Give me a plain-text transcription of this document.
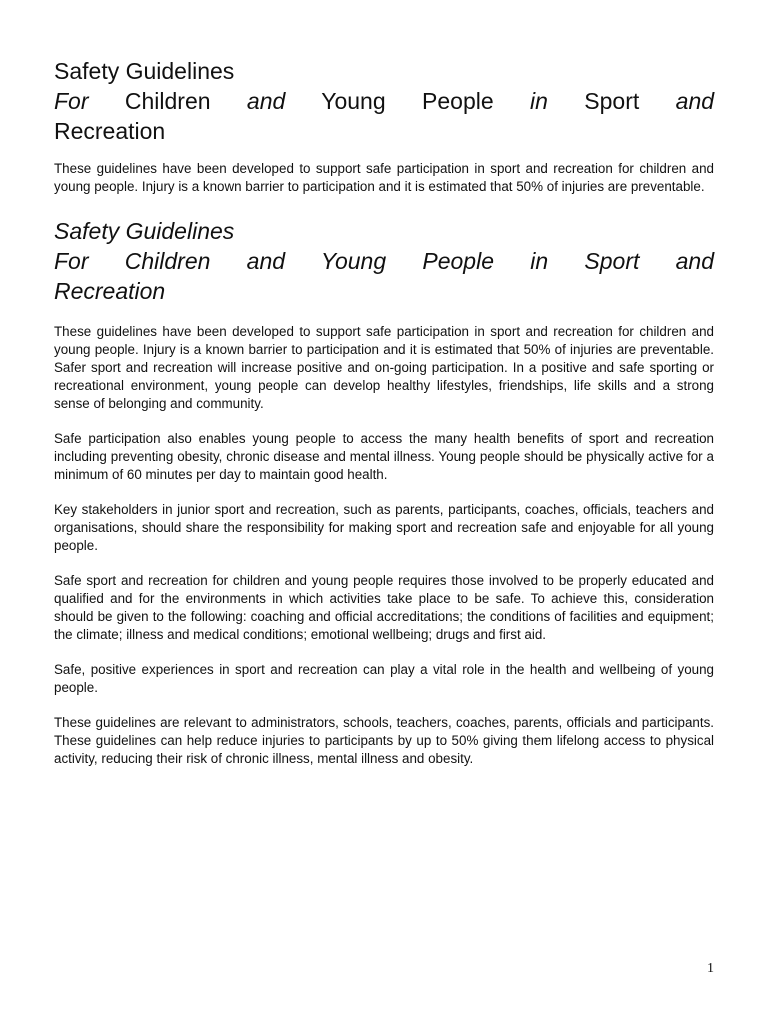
Safety Guidelines
For Children and Young People in Sport and
Recreation

These guidelines have been developed to support safe participation in sport and recreation for children and young people. Injury is a known barrier to participation and it is estimated that 50% of injuries are preventable.

Safety Guidelines
For Children and Young People in Sport and
Recreation

These guidelines have been developed to support safe participation in sport and recreation for children and young people. Injury is a known barrier to participation and it is estimated that 50% of injuries are preventable. Safer sport and recreation will increase positive and on-going participation. In a positive and safe sporting or recreational environment, young people can develop healthy lifestyles, friendships, life skills and a strong sense of belonging and community.

Safe participation also enables young people to access the many health benefits of sport and recreation including preventing obesity, chronic disease and mental illness. Young people should be physically active for a minimum of 60 minutes per day to maintain good health.

Key stakeholders in junior sport and recreation, such as parents, participants, coaches, officials, teachers and organisations, should share the responsibility for making sport and recreation safe and enjoyable for all young people.

Safe sport and recreation for children and young people requires those involved to be properly educated and qualified and for the environments in which activities take place to be safe. To achieve this, consideration should be given to the following: coaching and official accreditations; the conditions of facilities and equipment; the climate; illness and medical conditions; emotional wellbeing; drugs and first aid.

Safe, positive experiences in sport and recreation can play a vital role in the health and wellbeing of young people.

These guidelines are relevant to administrators, schools, teachers, coaches, parents, officials and participants. These guidelines can help reduce injuries to participants by up to 50% giving them lifelong access to physical activity, reducing their risk of chronic illness, mental illness and obesity.

1
